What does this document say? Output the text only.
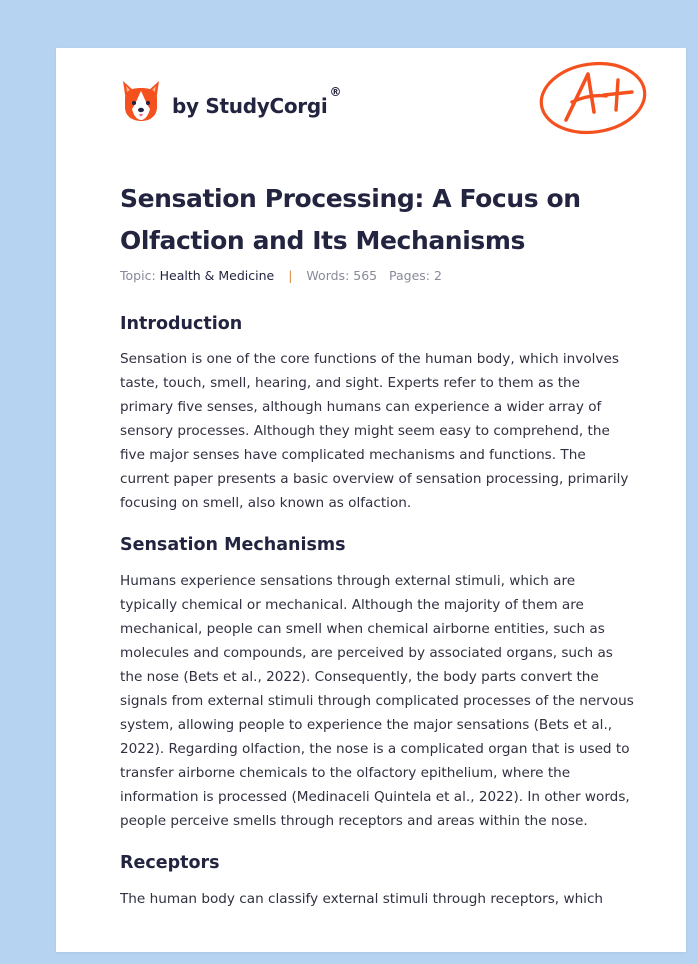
by StudyCorgi®
Sensation Processing: A Focus on Olfaction and Its Mechanisms
Topic: Health & Medicine | Words: 565 Pages: 2
Introduction

Sensation is one of the core functions of the human body, which involves taste, touch, smell, hearing, and sight. Experts refer to them as the primary five senses, although humans can experience a wider array of sensory processes. Although they might seem easy to comprehend, the five major senses have complicated mechanisms and functions. The current paper presents a basic overview of sensation processing, primarily focusing on smell, also known as olfaction.

Sensation Mechanisms

Humans experience sensations through external stimuli, which are typically chemical or mechanical. Although the majority of them are mechanical, people can smell when chemical airborne entities, such as molecules and compounds, are perceived by associated organs, such as the nose (Bets et al., 2022). Consequently, the body parts convert the signals from external stimuli through complicated processes of the nervous system, allowing people to experience the major sensations (Bets et al., 2022). Regarding olfaction, the nose is a complicated organ that is used to transfer airborne chemicals to the olfactory epithelium, where the information is processed (Medinaceli Quintela et al., 2022). In other words, people perceive smells through receptors and areas within the nose.

Receptors

The human body can classify external stimuli through receptors, which
